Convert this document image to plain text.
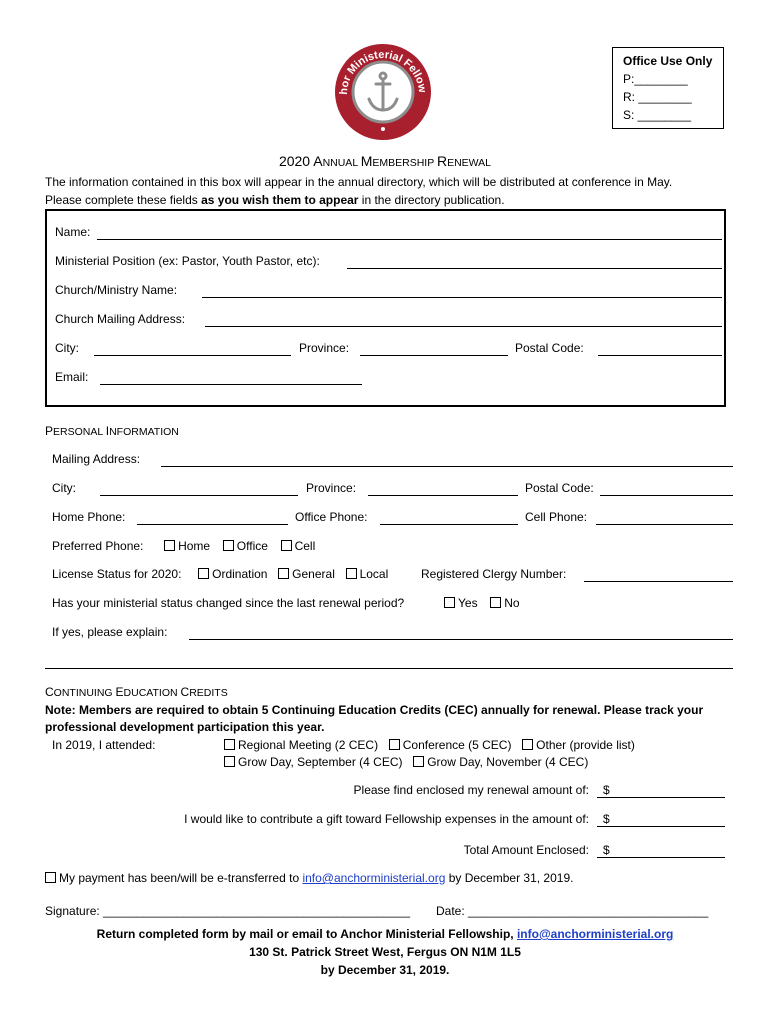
hor Ministerial Fellow
Office Use Only
P:________
R: ________
S: ________
2020 ANNUAL MEMBERSHIP RENEWAL
The information contained in this box will appear in the annual directory, which will be distributed at conference in May.
Please complete these fields as you wish them to appear in the directory publication.
Name:
Ministerial Position (ex: Pastor, Youth Pastor, etc):
Church/Ministry Name:
Church Mailing Address:
City:	Province:	Postal Code:
Email:
PERSONAL INFORMATION
Mailing Address:
City:	Province:	Postal Code:
Home Phone:	Office Phone:	Cell Phone:
Preferred Phone:	Home Office Cell
License Status for 2020:	Ordination General Local	Registered Clergy Number:
Has your ministerial status changed since the last renewal period?	Yes No
If yes, please explain:
CONTINUING EDUCATION CREDITS
Note: Members are required to obtain 5 Continuing Education Credits (CEC) annually for renewal. Please track your
professional development participation this year.
In 2019, I attended:	Regional Meeting (2 CEC) Conference (5 CEC) Other (provide list)
Grow Day, September (4 CEC) Grow Day, November (4 CEC)
Please find enclosed my renewal amount of: $
I would like to contribute a gift toward Fellowship expenses in the amount of: $
Total Amount Enclosed: $
My payment has been/will be e-transferred to info@anchorministerial.org by December 31, 2019.
Signature: ______________________________________________ Date: ____________________________________
Return completed form by mail or email to Anchor Ministerial Fellowship, info@anchorministerial.org
130 St. Patrick Street West, Fergus ON N1M 1L5
by December 31, 2019.
